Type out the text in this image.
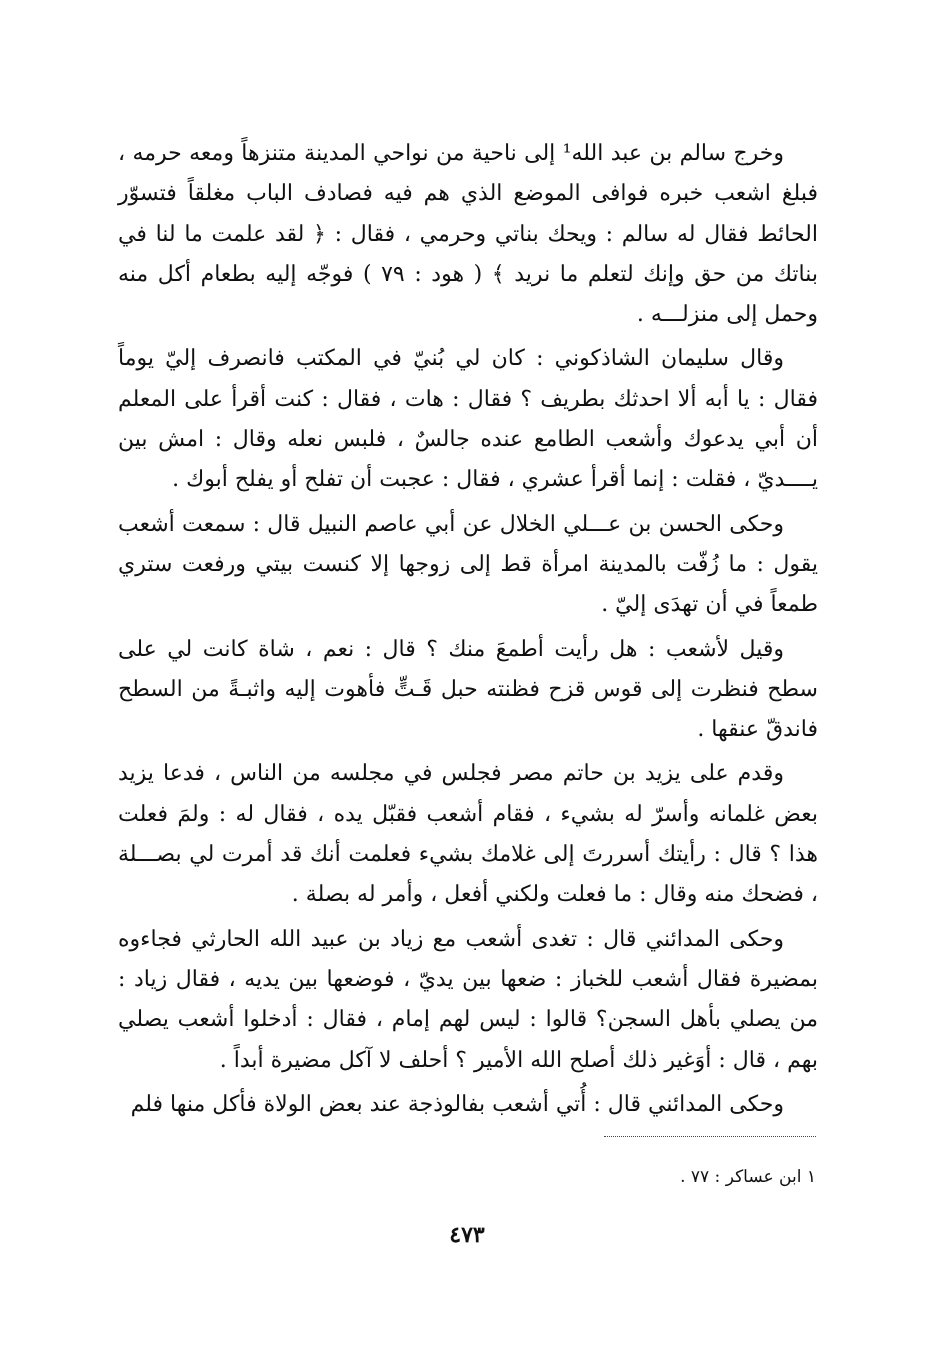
وخرج سالم بن عبد الله¹ إلى ناحية من نواحي المدينة متنزهاً ومعه حرمه ، فبلغ اشعب خبره فوافى الموضع الذي هم فيه فصادف الباب مغلقاً فتسوّر الحائط فقال له سالم : ويحك بناتي وحرمي ، فقال : ﴿ لقد علمت ما لنا في بناتك من حق وإنك لتعلم ما نريد ﴾ ( هود : ٧٩ ) فوجّه إليه بطعام أكل منه وحمل إلى منزلـــه .

وقال سليمان الشاذكوني : كان لي بُنيّ في المكتب فانصرف إليّ يوماً فقال : يا أبه ألا احدثك بطريف ؟ فقال : هات ، فقال : كنت أقرأ على المعلم أن أبي يدعوك وأشعب الطامع عنده جالسٌ ، فلبس نعله وقال : امش بين يــــديّ ، فقلت : إنما أقرأ عشري ، فقال : عجبت أن تفلح أو يفلح أبوك .

وحكى الحسن بن عـــلي الخلال عن أبي عاصم النبيل قال : سمعت أشعب يقول : ما زُفّت بالمدينة امرأة قط إلى زوجها إلا كنست بيتي ورفعت ستري طمعاً في أن تهدَى إليّ .

وقيل لأشعب : هل رأيت أطمعَ منك ؟ قال : نعم ، شاة كانت لي على سطح فنظرت إلى قوس قزح فظنته حبل قَـتٍّ فأهوت إليه واثبـةً من السطح فاندقّ عنقها .

وقدم على يزيد بن حاتم مصر فجلس في مجلسه من الناس ، فدعا يزيد بعض غلمانه وأسرّ له بشيء ، فقام أشعب فقبّل يده ، فقال له : ولمَ فعلت هذا ؟ قال : رأيتك أسررتَ إلى غلامك بشيء فعلمت أنك قد أمرت لي بصـــلة ، فضحك منه وقال : ما فعلت ولكني أفعل ، وأمر له بصلة .

وحكى المدائني قال : تغدى أشعب مع زياد بن عبيد الله الحارثي فجاءوه بمضيرة فقال أشعب للخباز : ضعها بين يديّ ، فوضعها بين يديه ، فقال زياد : من يصلي بأهل السجن؟ قالوا : ليس لهم إمام ، فقال : أدخلوا أشعب يصلي بهم ، قال : أوَغير ذلك أصلح الله الأمير ؟ أحلف لا آكل مضيرة أبداً .

وحكى المدائني قال : أُتي أشعب بفالوذجة عند بعض الولاة فأكل منها فلم

١ ابن عساكر : ٧٧ .
٤٧٣
